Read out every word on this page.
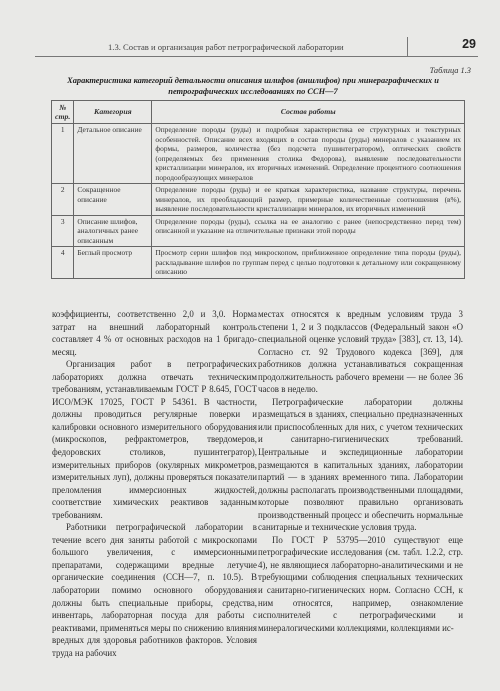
1.3. Состав и организация работ петрографической лаборатории	29
Таблица 1.3
Характеристика категорий детальности описания шлифов (аншлифов) при минераграфических и петрографических исследованиях по ССН—7
№ стр.	Категория	Состав работы
1	Детальное описание	Определение породы (руды) и подробная характеристика ее структурных и текстурных особенностей. Описание всех входящих в состав породы (руды) минералов с указанием их формы, размеров, количества (без подсчета пушинтегратором), оптических свойств (определяемых без применения столика Федорова), выявление последовательности кристаллизации минералов, их вторичных изменений. Определение процентного соотношения породообразующих минералов
2	Сокращенное описание	Определение породы (руды) и ее краткая характеристика, название структуры, перечень минералов, их преобладающий размер, примерные количественные соотношения (в%), выявление последовательности кристаллизации минералов, их вторичных изменений
3	Описание шлифов, аналогичных ранее описанным	Определение породы (руды), ссылка на ее аналогию с ранее (непосредственно перед тем) описанной и указание на отличительные признаки этой породы
4	Беглый просмотр	Просмотр серии шлифов под микроскопом, приближенное определение типа породы (руды), раскладывание шлифов по группам перед с целью подготовки к детальному или сокращенному описанию

коэффициенты, соответственно 2,0 и 3,0. Норма затрат на внешний лабораторный контроль составляет 4 % от основных расходов на 1 бригадо-месяц.

Организация работ в петрографических лабораториях должна отвечать техническим требованиям, устанавливаемым ГОСТ Р 8.645, ГОСТ ИСО/МЭК 17025, ГОСТ Р 54361. В частности, должны проводиться регулярные поверки и калибровки основного измерительного оборудования (микроскопов, рефрактометров, твердомеров, федоровских столиков, пушинтегратор), измерительных приборов (окулярных микрометров, измерительных луп), должны проверяться показатели преломления иммерсионных жидкостей, соответствие химических реактивов заданным требованиям.

Работники петрографической лаборатории в течение всего дня заняты работой с микроскопами большого увеличения, с иммерсионными препаратами, содержащими вредные летучие органические соединения (ССН—7, п. 10.5). В лаборатории помимо основного оборудования должны быть специальные приборы, средства, инвентарь, лабораторная посуда для работы с реактивами, применяться меры по снижению влияния вредных для здоровья работников факторов. Условия труда на рабочих

местах относятся к вредным условиям труда 3 степени 1, 2 и 3 подклассов (Федеральный закон «О специальной оценке условий труда» [383], ст. 13, 14). Согласно ст. 92 Трудового кодекса [369], для работников должна устанавливаться сокращенная продолжительность рабочего времени — не более 36 часов в неделю.

Петрографические лаборатории должны размещаться в зданиях, специально предназначенных или приспособленных для них, с учетом технических и санитарно-гигиенических требований. Центральные и экспедиционные лаборатории размещаются в капитальных зданиях, лаборатории партий — в зданиях временного типа. Лаборатории должны располагать производственными площадями, которые позволяют правильно организовать производственный процесс и обеспечить нормальные санитарные и технические условия труда.

По ГОСТ Р 53795—2010 существуют еще петрографические исследования (см. табл. 1.2.2, стр. 4), не являющиеся лабораторно-аналитическими и не требующими соблюдения специальных технических и санитарно-гигиенических норм. Согласно ССН, к ним относятся, например, ознакомление исполнителей с петрографическими и минералогическими коллекциями, коллекциями ис-
